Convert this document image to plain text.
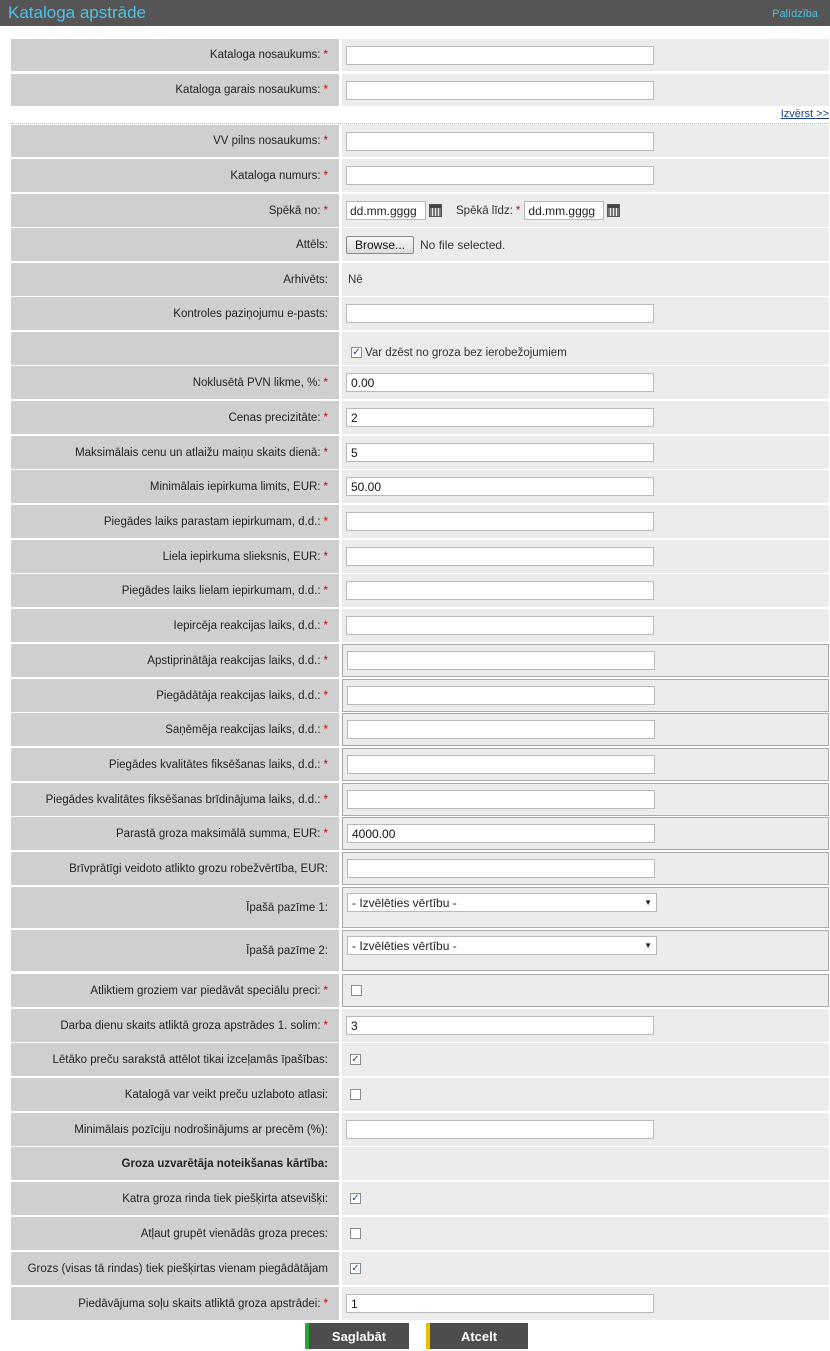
Kataloga apstrāde	Palīdzība
Kataloga nosaukums: *
Kataloga garais nosaukums: *
Izvērst >>
VV pilns nosaukums: *
Kataloga numurs: *
Spēkā no: *	dd.mm.gggg	Spēkā līdz: * dd.mm.gggg
Attēls:	Browse...	No file selected.
Arhivēts: Nē
Kontroles paziņojumu e-pasts:
✓ Var dzēst no groza bez ierobežojumiem
Noklusētā PVN likme, %: *	0.00
Cenas precizitāte: *	2
Maksimālais cenu un atlaižu maiņu skaits dienā: *	5
Minimālais iepirkuma limits, EUR: *	50.00
Piegādes laiks parastam iepirkumam, d.d.: *
Liela iepirkuma slieksnis, EUR: *
Piegādes laiks lielam iepirkumam, d.d.: *
Iepircēja reakcijas laiks, d.d.: *
Apstiprinātāja reakcijas laiks, d.d.: *
Piegādātāja reakcijas laiks, d.d.: *
Saņēmēja reakcijas laiks, d.d.: *
Piegādes kvalitātes fiksēšanas laiks, d.d.: *
Piegādes kvalitātes fiksēšanas brīdinājuma laiks, d.d.: *
Parastā groza maksimālā summa, EUR: *	4000.00
Brīvprātīgi veidoto atlikto grozu robežvērtība, EUR:
Īpašā pazīme 1: - Izvēlēties vērtību -	▼
Īpašā pazīme 2: - Izvēlēties vērtību -	▼
Atliktiem groziem var piedāvāt speciālu preci: *
Darba dienu skaits atliktā groza apstrādes 1. solim: *	3
Lētāko preču sarakstā attēlot tikai izceļamās īpašības: ✓
Katalogā var veikt preču uzlaboto atlasi:
Minimālais pozīciju nodrošinājums ar precēm (%):
Groza uzvarētāja noteikšanas kārtība:
Katra groza rinda tiek piešķirta atsevišķi: ✓
Atļaut grupēt vienādās groza preces:
Grozs (visas tā rindas) tiek piešķirtas vienam piegādātājam ✓
Piedāvājuma soļu skaits atliktā groza apstrādei: *	1
Saglabāt	Atcelt
